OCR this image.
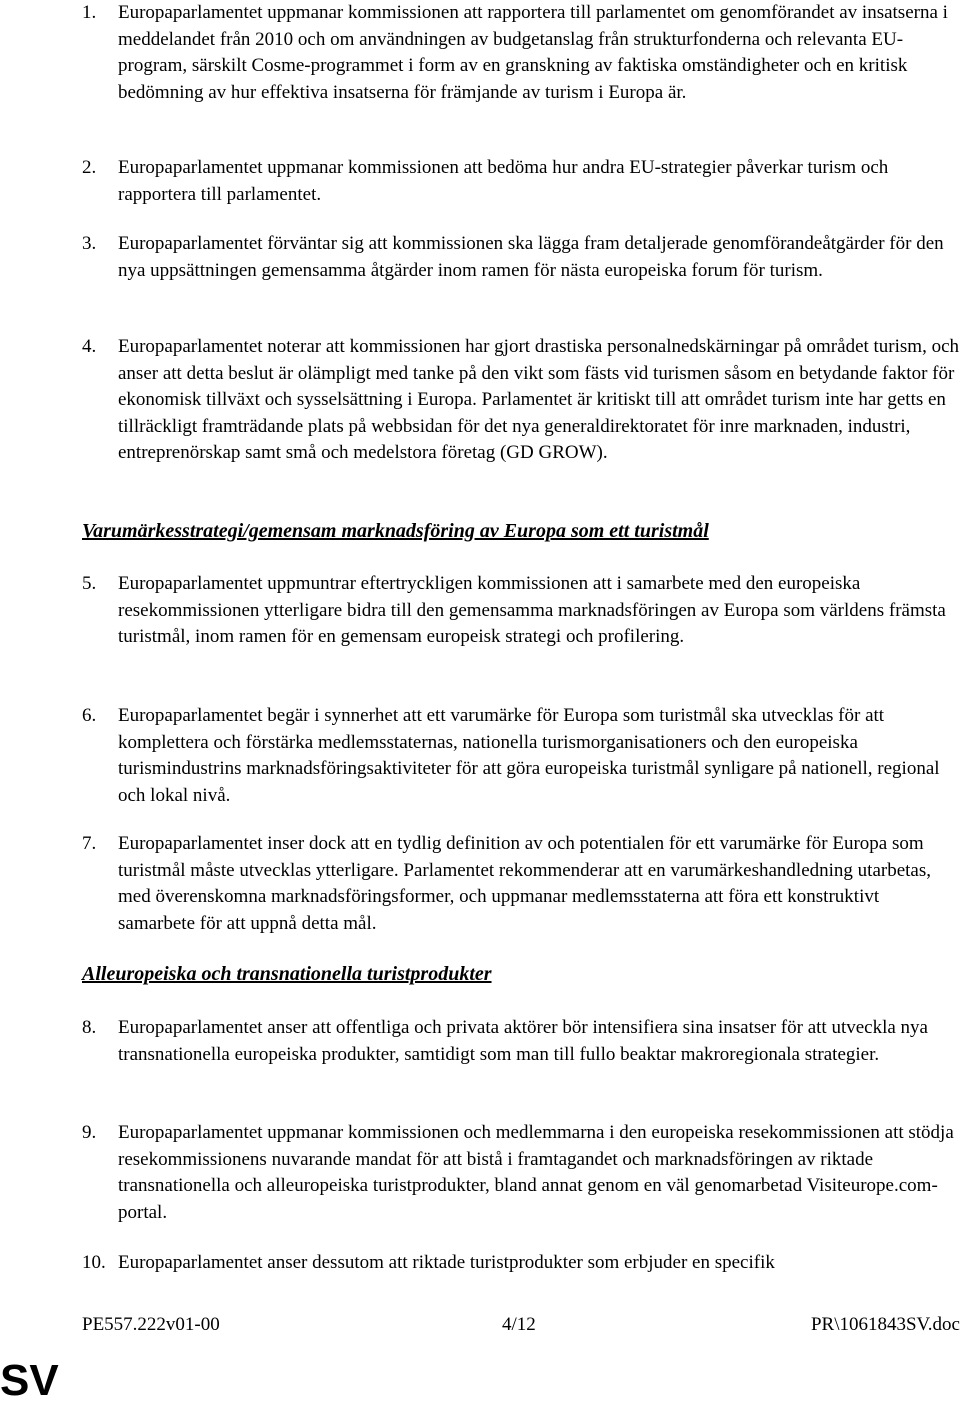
1.	Europaparlamentet uppmanar kommissionen att rapportera till parlamentet om genomförandet av insatserna i meddelandet från 2010 och om användningen av budgetanslag från strukturfonderna och relevanta EU-program, särskilt Cosme-programmet i form av en granskning av faktiska omständigheter och en kritisk bedömning av hur effektiva insatserna för främjande av turism i Europa är.
2.	Europaparlamentet uppmanar kommissionen att bedöma hur andra EU-strategier påverkar turism och rapportera till parlamentet.
3.	Europaparlamentet förväntar sig att kommissionen ska lägga fram detaljerade genomförandeåtgärder för den nya uppsättningen gemensamma åtgärder inom ramen för nästa europeiska forum för turism.
4.	Europaparlamentet noterar att kommissionen har gjort drastiska personalnedskärningar på området turism, och anser att detta beslut är olämpligt med tanke på den vikt som fästs vid turismen såsom en betydande faktor för ekonomisk tillväxt och sysselsättning i Europa. Parlamentet är kritiskt till att området turism inte har getts en tillräckligt framträdande plats på webbsidan för det nya generaldirektoratet för inre marknaden, industri, entreprenörskap samt små och medelstora företag (GD GROW).
Varumärkesstrategi/gemensam marknadsföring av Europa som ett turistmål
5.	Europaparlamentet uppmuntrar eftertryckligen kommissionen att i samarbete med den europeiska resekommissionen ytterligare bidra till den gemensamma marknadsföringen av Europa som världens främsta turistmål, inom ramen för en gemensam europeisk strategi och profilering.
6.	Europaparlamentet begär i synnerhet att ett varumärke för Europa som turistmål ska utvecklas för att komplettera och förstärka medlemsstaternas, nationella turismorganisationers och den europeiska turismindustrins marknadsföringsaktiviteter för att göra europeiska turistmål synligare på nationell, regional och lokal nivå.
7.	Europaparlamentet inser dock att en tydlig definition av och potentialen för ett varumärke för Europa som turistmål måste utvecklas ytterligare. Parlamentet rekommenderar att en varumärkeshandledning utarbetas, med överenskomna marknadsföringsformer, och uppmanar medlemsstaterna att föra ett konstruktivt samarbete för att uppnå detta mål.
Alleuropeiska och transnationella turistprodukter
8.	Europaparlamentet anser att offentliga och privata aktörer bör intensifiera sina insatser för att utveckla nya transnationella europeiska produkter, samtidigt som man till fullo beaktar makroregionala strategier.
9.	Europaparlamentet uppmanar kommissionen och medlemmarna i den europeiska resekommissionen att stödja resekommissionens nuvarande mandat för att bistå i framtagandet och marknadsföringen av riktade transnationella och alleuropeiska turistprodukter, bland annat genom en väl genomarbetad Visiteurope.com-portal.
10. Europaparlamentet anser dessutom att riktade turistprodukter som erbjuder en specifik
PE557.222v01-00	4/12	PR\1061843SV.doc
SV
